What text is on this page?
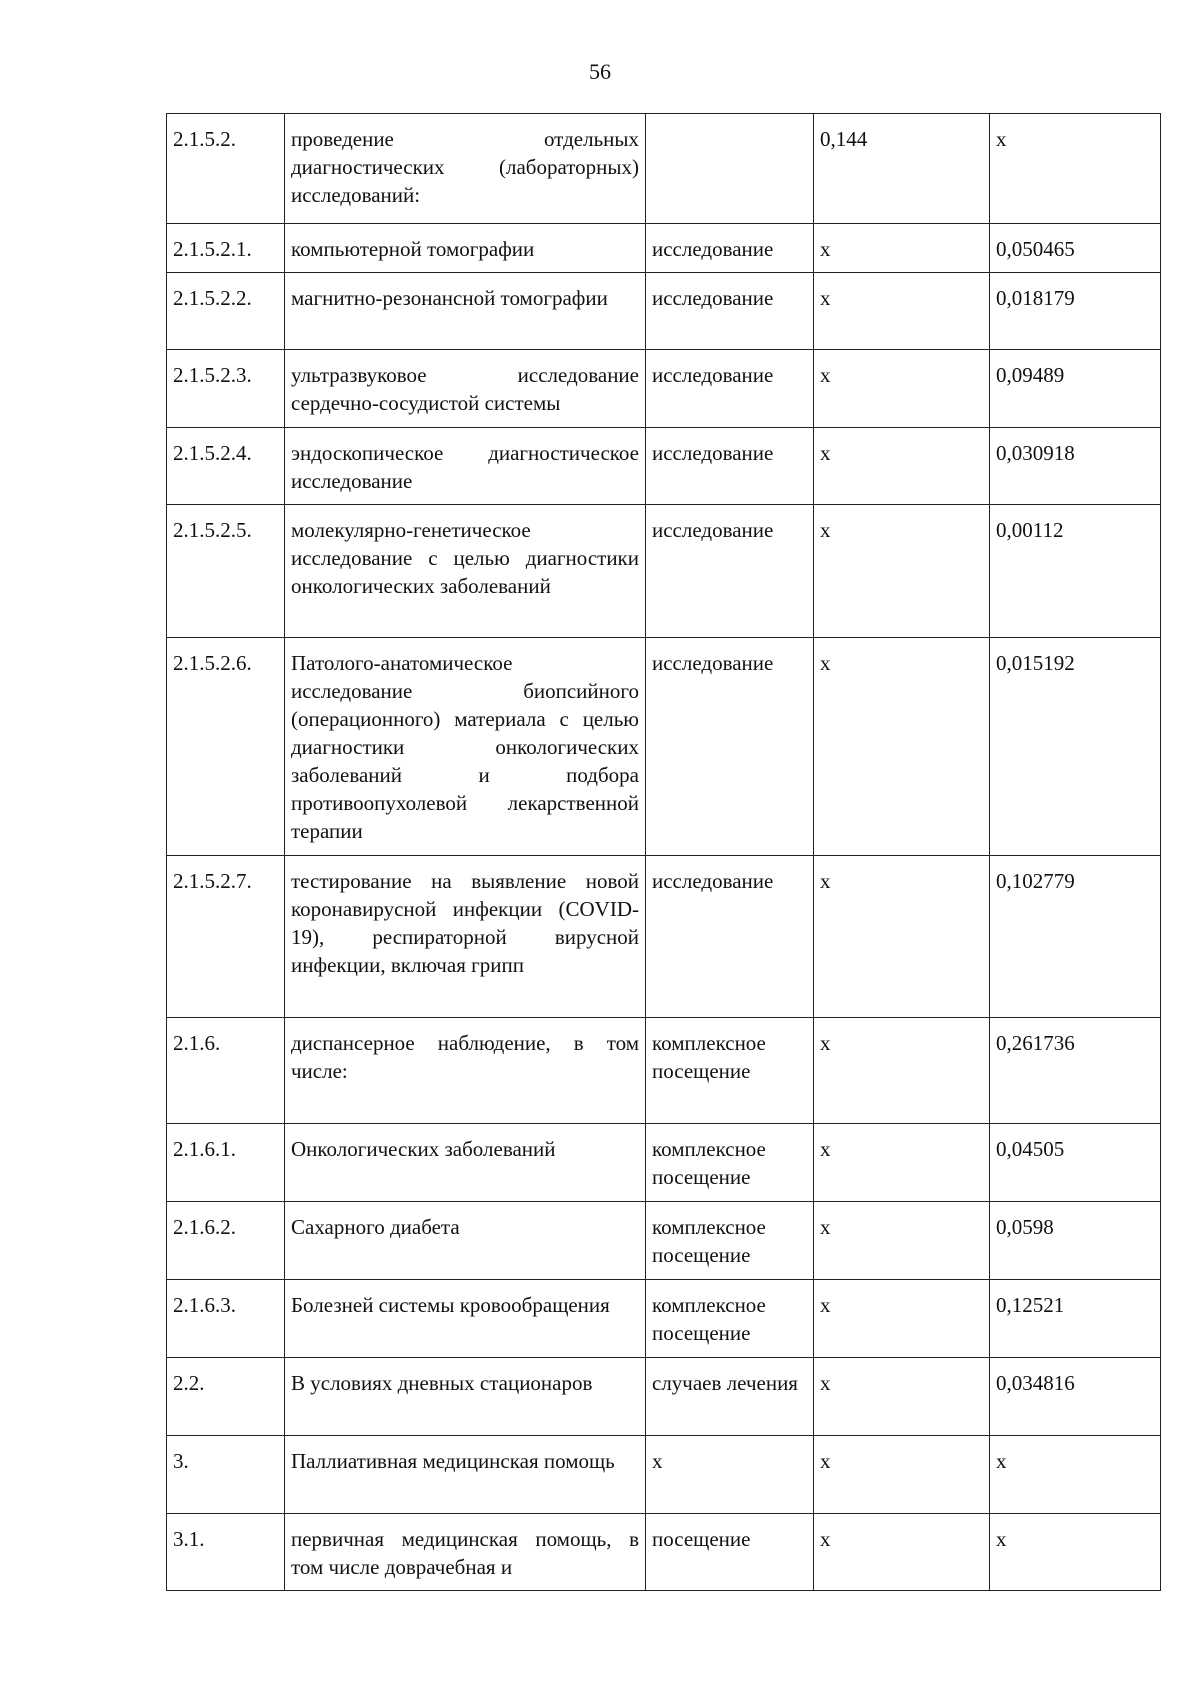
56
2.1.5.2.	проведение отдельных диагностических (лабораторных) исследований:		0,144	х
2.1.5.2.1.	компьютерной томографии	исследование	х	0,050465
2.1.5.2.2.	магнитно-резонансной томографии	исследование	х	0,018179
2.1.5.2.3.	ультразвуковое исследование сердечно-сосудистой системы	исследование	х	0,09489
2.1.5.2.4.	эндоскопическое диагностическое исследование	исследование	х	0,030918
2.1.5.2.5.	молекулярно-генетическое исследование с целью диагностики онкологических заболеваний	исследование	х	0,00112
2.1.5.2.6.	Патолого-анатомическое исследование биопсийного (операционного) материала с целью диагностики онкологических заболеваний и подбора противоопухолевой лекарственной терапии	исследование	х	0,015192
2.1.5.2.7.	тестирование на выявление новой коронавирусной инфекции (COVID-19), респираторной вирусной инфекции, включая грипп	исследование	х	0,102779
2.1.6.	диспансерное наблюдение, в том числе:	комплексное посещение	х	0,261736
2.1.6.1.	Онкологических заболеваний	комплексное посещение	х	0,04505
2.1.6.2.	Сахарного диабета	комплексное посещение	х	0,0598
2.1.6.3.	Болезней системы кровообращения	комплексное посещение	х	0,12521
2.2.	В условиях дневных стационаров	случаев лечения	х	0,034816
3.	Паллиативная медицинская помощь	х	х	х
3.1.	первичная медицинская помощь, в том числе доврачебная и	посещение	х	х
